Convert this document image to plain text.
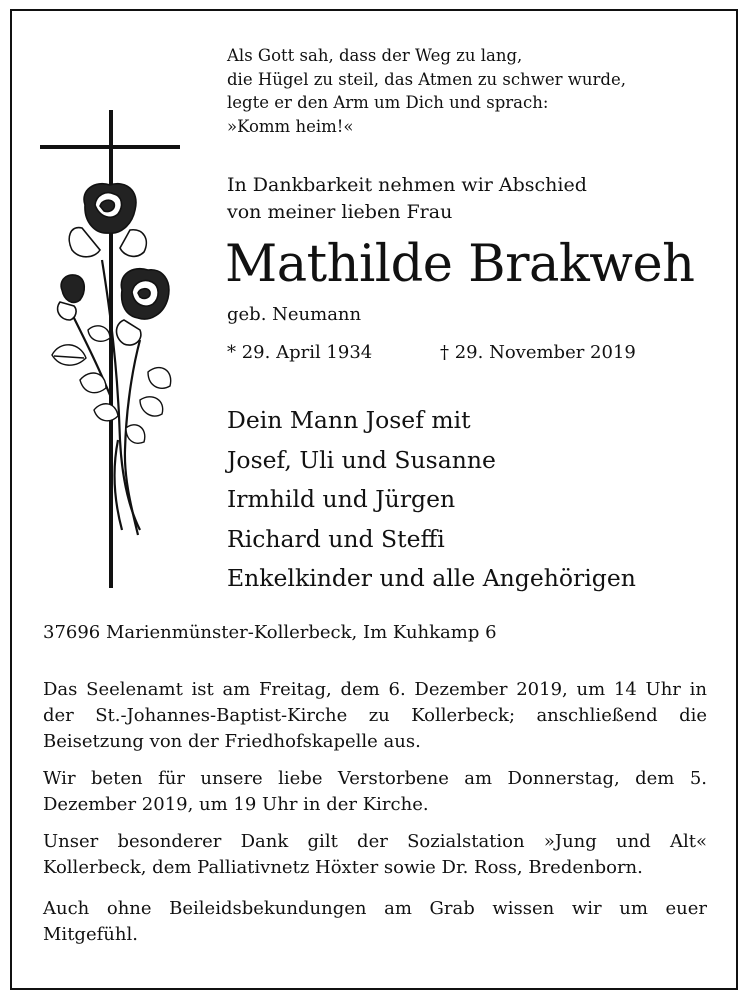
Als Gott sah, dass der Weg zu lang,
die Hügel zu steil, das Atmen zu schwer wurde,
legte er den Arm um Dich und sprach:
»Komm heim!«
In Dankbarkeit nehmen wir Abschied
von meiner lieben Frau
Mathilde Brakweh
geb. Neumann
* 29. April 1934	† 29. November 2019
Dein Mann Josef mit
Josef, Uli und Susanne
Irmhild und Jürgen
Richard und Steffi
Enkelkinder und alle Angehörigen
37696 Marienmünster-Kollerbeck, Im Kuhkamp 6
Das Seelenamt ist am Freitag, dem 6. Dezember 2019, um 14 Uhr in der St.-Johannes-Baptist-Kirche zu Kollerbeck; anschließend die Beisetzung von der Friedhofskapelle aus.
Wir beten für unsere liebe Verstorbene am Donnerstag, dem 5. Dezember 2019, um 19 Uhr in der Kirche.
Unser besonderer Dank gilt der Sozialstation »Jung und Alt« Kollerbeck, dem Palliativnetz Höxter sowie Dr. Ross, Bredenborn.
Auch ohne Beileidsbekundungen am Grab wissen wir um euer Mitgefühl.
